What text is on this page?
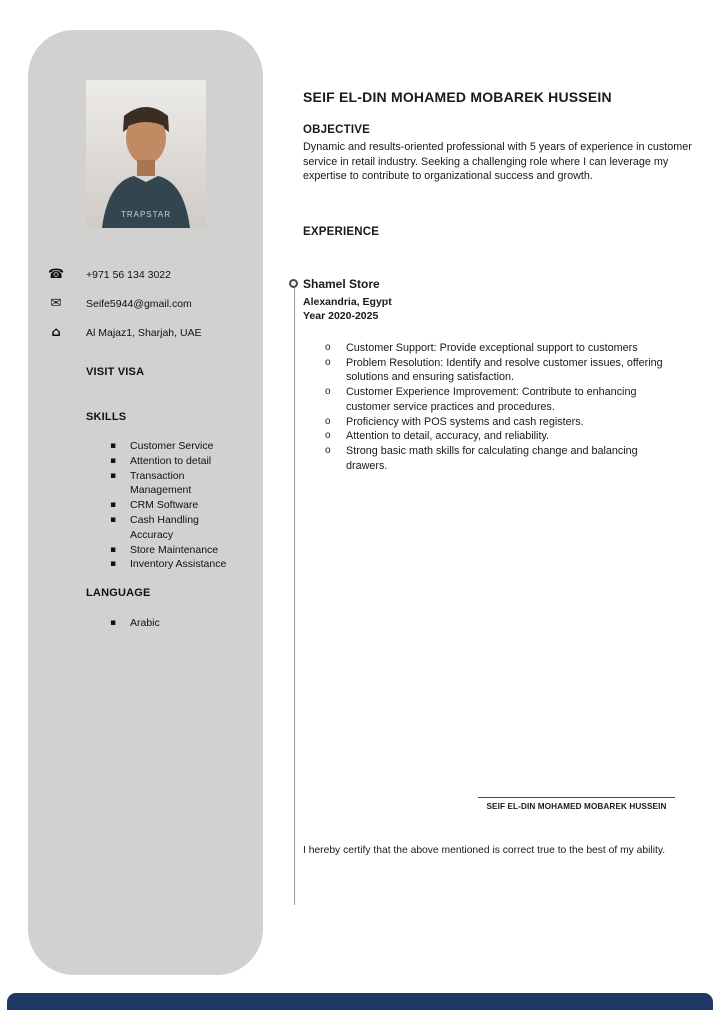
TRAPSTAR
☎ +971 56 134 3022
✉ Seife5944@gmail.com
⌂	Al Majaz1, Sharjah, UAE
VISIT VISA
SKILLS
▪ Customer Service
▪ Attention to detail
▪ Transaction Management
▪ CRM Software
▪ Cash Handling Accuracy
▪ Store Maintenance
▪ Inventory Assistance
LANGUAGE
▪ Arabic
SEIF EL-DIN MOHAMED MOBAREK HUSSEIN
OBJECTIVE

Dynamic and results-oriented professional with 5 years of experience in customer service in retail industry. Seeking a challenging role where I can leverage my expertise to contribute to organizational success and growth.

EXPERIENCE
Shamel Store
Alexandria, Egypt
Year 2020-2025
o Customer Support: Provide exceptional support to customers
o Problem Resolution: Identify and resolve customer issues, offering solutions and ensuring satisfaction.
o Customer Experience Improvement: Contribute to enhancing customer service practices and procedures.
o Proficiency with POS systems and cash registers.
o Attention to detail, accuracy, and reliability.
o Strong basic math skills for calculating change and balancing drawers.
SEIF EL-DIN MOHAMED MOBAREK HUSSEIN

I hereby certify that the above mentioned is correct true to the best of my ability.
